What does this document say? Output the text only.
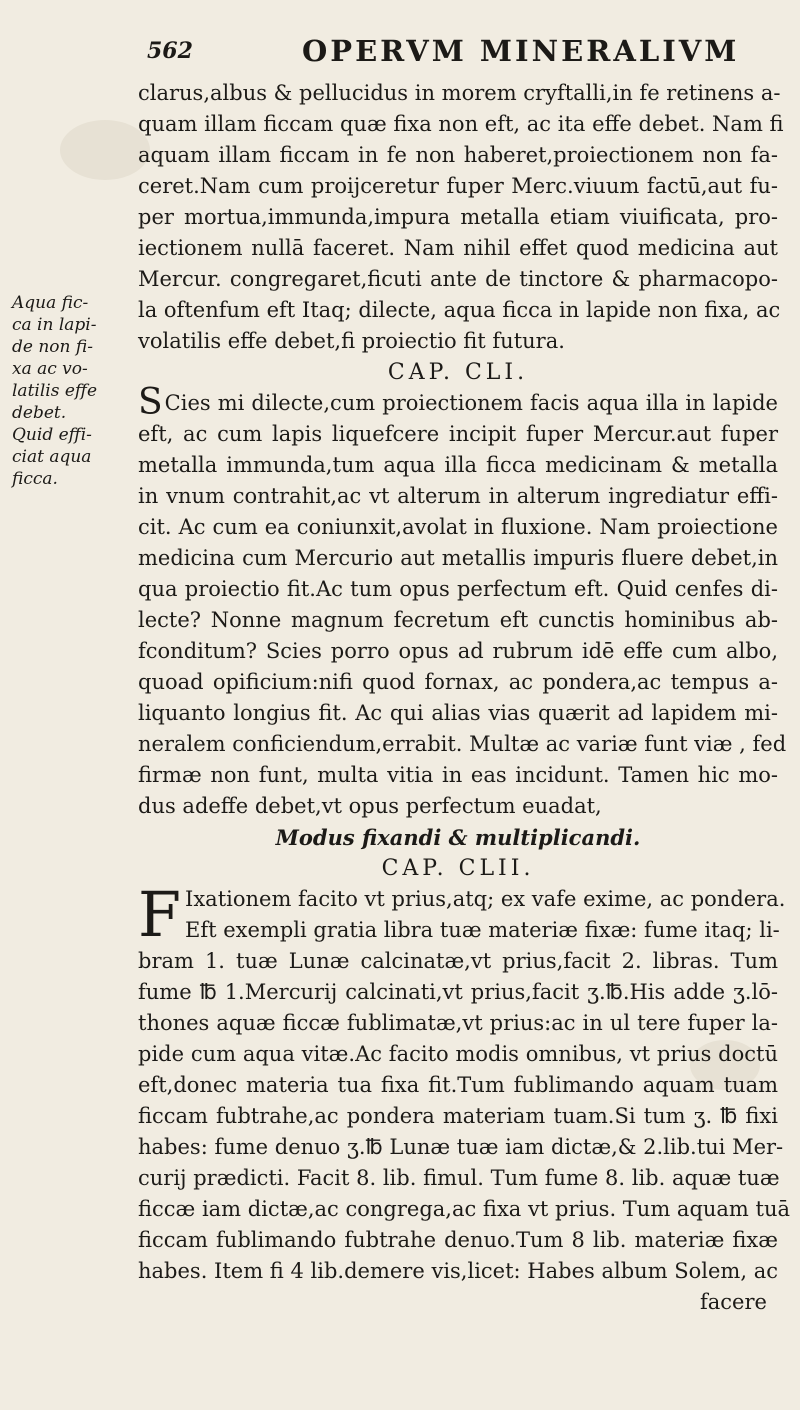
562	OPERVM MINERALIVM
Aqua fic-
ca in lapi-
de non fi-
xa ac vo-
latilis effe
debet.
Quid effi-
ciat aqua
ficca.
clarus,albus & pellucidus in morem cryftalli,in fe retinens a-
quam illam ficcam quæ fixa non eft, ac ita effe debet. Nam fi
aquam illam ficcam in fe non haberet,proiectionem non fa-
ceret.Nam cum proijceretur fuper Merc.viuum factū,aut fu-
per mortua,immunda,impura metalla etiam viuificata, pro-
iectionem nullā faceret. Nam nihil effet quod medicina aut
Mercur. congregaret,ficuti ante de tinctore & pharmacopo-
la oftenfum eft Itaq; dilecte, aqua ficca in lapide non fixa, ac
volatilis effe debet,fi proiectio fit futura.
CAP. CLI.
S Cies mi dilecte,cum proiectionem facis aqua illa in lapide
eft, ac cum lapis liquefcere incipit fuper Mercur.aut fuper
metalla immunda,tum aqua illa ficca medicinam & metalla
in vnum contrahit,ac vt alterum in alterum ingrediatur effi-
cit. Ac cum ea coniunxit,avolat in fluxione. Nam proiectione
medicina cum Mercurio aut metallis impuris fluere debet,in
qua proiectio fit.Ac tum opus perfectum eft. Quid cenfes di-
lecte? Nonne magnum fecretum eft cunctis hominibus ab-
fconditum? Scies porro opus ad rubrum idē effe cum albo,
quoad opificium:nifi quod fornax, ac pondera,ac tempus a-
liquanto longius fit. Ac qui alias vias quærit ad lapidem mi-
neralem conficiendum,errabit. Multæ ac variæ funt viæ , fed
firmæ non funt, multa vitia in eas incidunt. Tamen hic mo-
dus adeffe debet,vt opus perfectum euadat,
Modus fixandi & multiplicandi.
CAP. CLII.
F Ixationem facito vt prius,atq; ex vafe exime, ac pondera.
Eft exempli gratia libra tuæ materiæ fixæ: fume itaq; li-
bram 1. tuæ Lunæ calcinatæ,vt prius,facit 2. libras. Tum
fume ℔ 1.Mercurij calcinati,vt prius,facit ʒ.℔.His adde ʒ.lō-
thones aquæ ficcæ fublimatæ,vt prius:ac in ul tere fuper la-
pide cum aqua vitæ.Ac facito modis omnibus, vt prius doctū
eft,donec materia tua fixa fit.Tum fublimando aquam tuam
ficcam fubtrahe,ac pondera materiam tuam.Si tum ʒ. ℔ fixi
habes: fume denuo ʒ.℔ Lunæ tuæ iam dictæ,& 2.lib.tui Mer-
curij prædicti. Facit 8. lib. fimul. Tum fume 8. lib. aquæ tuæ
ficcæ iam dictæ,ac congrega,ac fixa vt prius. Tum aquam tuā
ficcam fublimando fubtrahe denuo.Tum 8 lib. materiæ fixæ
habes. Item fi 4 lib.demere vis,licet: Habes album Solem, ac
facere
